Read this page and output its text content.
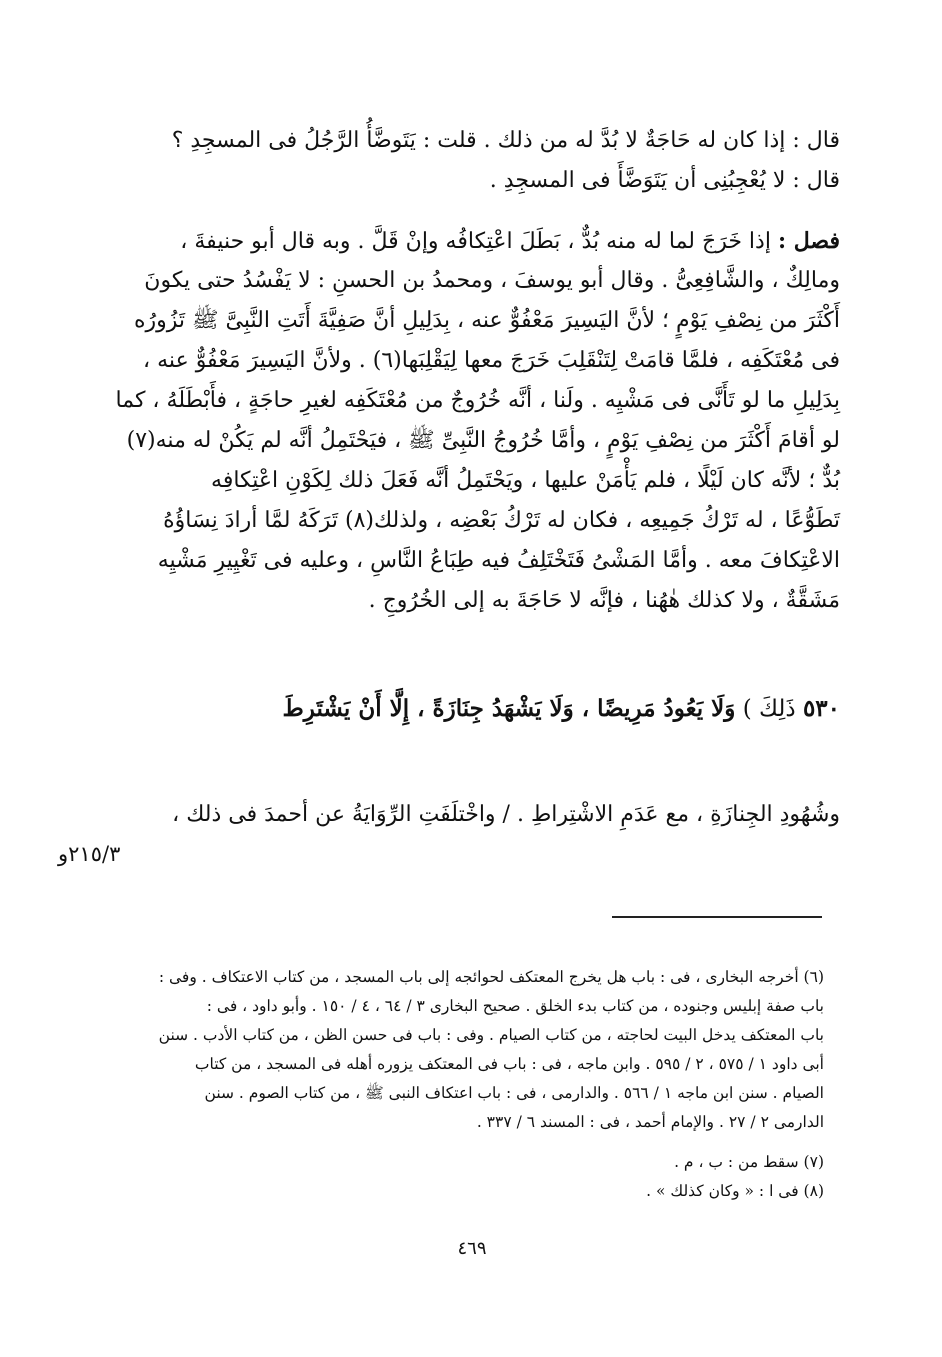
قال : إذا كان له حَاجَةٌ لا بُدَّ له من ذلك . قلت : يَتَوضَّأُ الرَّجُلُ فى المسجِدِ ؟
قال : لا يُعْجِبُنِى أن يَتَوَضَّأَ فى المسجِدِ .
فصل : إذا خَرَجَ لما له منه بُدٌّ ، بَطَلَ اعْتِكافُه وإنْ قَلَّ . وبه قال أبو حنيفةَ ،
ومالِكٌ ، والشَّافِعِىُّ . وقال أبو يوسفَ ، ومحمدُ بن الحسنِ : لا يَفْسُدُ حتى يكونَ
أَكْثَرَ من نِصْفِ يَوْمٍ ؛ لأنَّ اليَسِيرَ مَعْفُوٌّ عنه ، بِدَلِيلِ أنَّ صَفِيَّةَ أَتَتِ النَّبِىَّ ﷺ تَزُورُه
فى مُعْتَكَفِه ، فلمَّا قامَتْ لِتَنْقَلِبَ خَرَجَ معها لِيَقْلِبَها(٦) . ولأنَّ اليَسِيرَ مَعْفُوٌّ عنه ،
بِدَلِيلِ ما لو تَأَنَّى فى مَشْيِه . ولَنا ، أنَّه خُرُوجٌ من مُعْتَكَفِه لغيرِ حاجَةٍ ، فأَبْطَلَهُ ، كما
لو أقامَ أَكْثَرَ من نِصْفِ يَوْمٍ ، وأمَّا خُرُوجُ النَّبِىِّ ﷺ ، فيَحْتَمِلُ أنَّه لم يَكُنْ له منه(٧)
بُدٌّ ؛ لأنَّه كان لَيْلًا ، فلم يَأْمَنْ عليها ، ويَحْتَمِلُ أنَّه فَعَلَ ذلك لِكَوْنِ اعْتِكافِه
تَطَوُّعًا ، له تَرْكُ جَمِيعِه ، فكان له تَرْكُ بَعْضِه ، ولذلك(٨) تَرَكَهُ لمَّا أرادَ نِسَاؤُهُ
الاعْتِكافَ معه . وأمَّا المَشْىُ فَتَخْتَلِفُ فيه طِبَاعُ النَّاسِ ، وعليه فى تَغْيِيرِ مَشْيِه
مَشَقَّةٌ ، ولا كذلك هٰهُنا ، فإنَّه لا حَاجَةَ به إلى الخُرُوجِ .
٥٣٠ ذَلِكَ ) وَلَا يَعُودُ مَرِيضًا ، وَلَا يَشْهَدُ جِنَازَةً ، إِلَّا أَنْ يَشْتَرِطَ
وشُهُودِ الجِنازَةِ ، مع عَدَمِ الاشْتِراطِ . / واخْتلَفَتِ الرِّوَايَةُ عن أحمدَ فى ذلك ،
٢١٥/٣و
(٦) أخرجه البخارى ، فى : باب هل يخرج المعتكف لحوائجه إلى باب المسجد ، من كتاب الاعتكاف . وفى :
باب صفة إبليس وجنوده ، من كتاب بدء الخلق . صحيح البخارى ٣ / ٦٤ ، ٤ / ١٥٠ . وأبو داود ، فى :
باب المعتكف يدخل البيت لحاجته ، من كتاب الصيام . وفى : باب فى حسن الظن ، من كتاب الأدب . سنن
أبى داود ١ / ٥٧٥ ، ٢ / ٥٩٥ . وابن ماجه ، فى : باب فى المعتكف يزوره أهله فى المسجد ، من كتاب
الصيام . سنن ابن ماجه ١ / ٥٦٦ . والدارمى ، فى : باب اعتكاف النبى ﷺ ، من كتاب الصوم . سنن
الدارمى ٢ / ٢٧ . والإمام أحمد ، فى : المسند ٦ / ٣٣٧ .
(٧) سقط من : ب ، م .
(٨) فى ا : « وكان كذلك » .
٤٦٩
